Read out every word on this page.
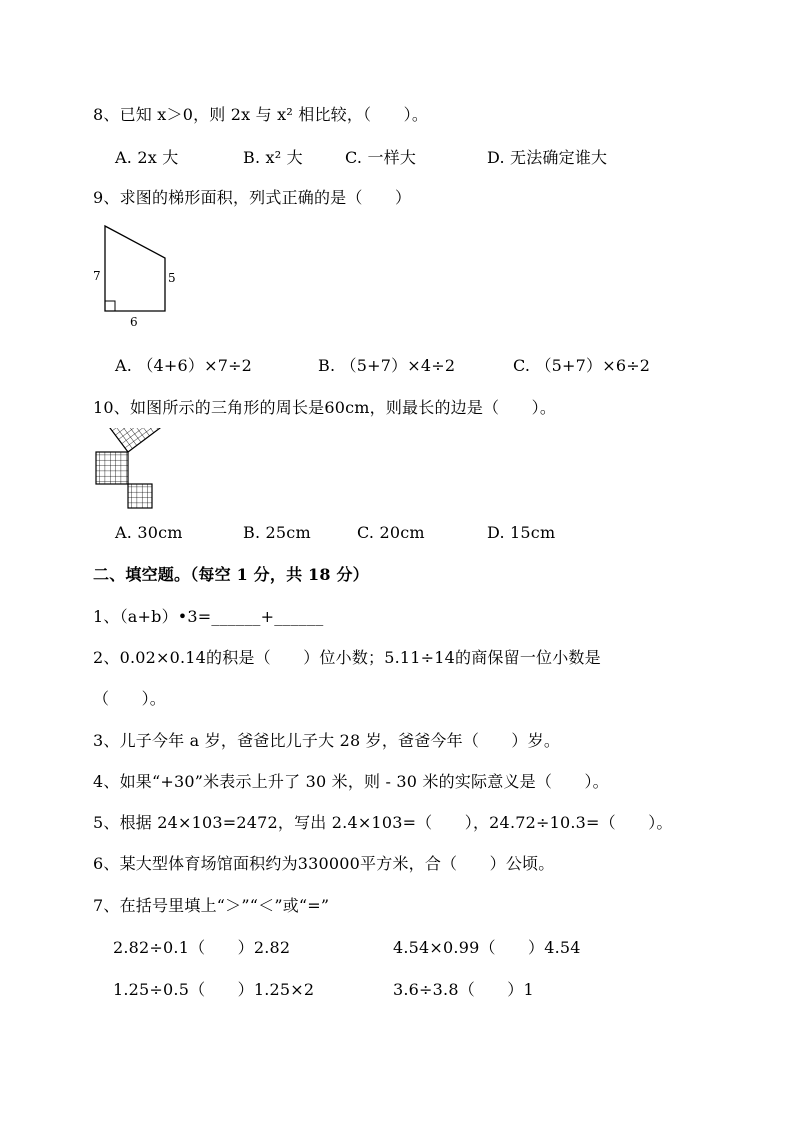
8、已知 x＞0，则 2x 与 x² 相比较，（　　）。
A. 2x 大	B. x² 大	C. 一样大	D. 无法确定谁大
9、求图的梯形面积，列式正确的是（　　）
7	5
6
A. （4+6）×7÷2	B. （5+7）×4÷2	C. （5+7）×6÷2
10、如图所示的三角形的周长是60cm，则最长的边是（　　）。
A. 30cm	B. 25cm	C. 20cm	D. 15cm
二、填空题。（每空 1 分，共 18 分）
1、（a+b）•3=______+______
2、0.02×0.14的积是（　　）位小数；5.11÷14的商保留一位小数是
（　　）。
3、儿子今年 a 岁，爸爸比儿子大 28 岁，爸爸今年（　　）岁。
4、如果“+30”米表示上升了 30 米，则 - 30 米的实际意义是（　　）。
5、根据 24×103=2472，写出 2.4×103=（　　），24.72÷10.3=（　　）。
6、某大型体育场馆面积约为330000平方米，合（　　）公顷。
7、在括号里填上“＞”“＜”或“=”
2.82÷0.1（　　）2.82	4.54×0.99（　　）4.54
1.25÷0.5（　　）1.25×2	3.6÷3.8（　　）1
